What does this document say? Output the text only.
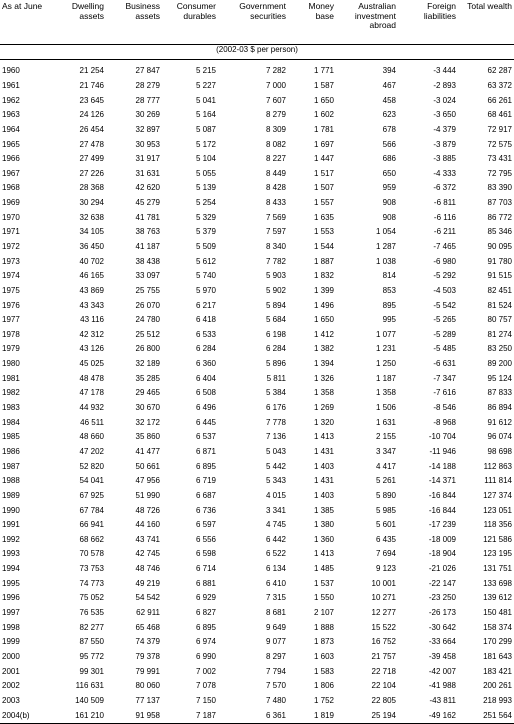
As at June	Dwelling assets	Business assets	Consumer durables	Government securities	Money base	Australian investment abroad	Foreign liabilities	Total wealth
(2002-03 $ per person)								
1960	21 254	27 847	5 215	7 282	1 771	394	-3 444	62 287
1961	21 746	28 279	5 227	7 000	1 587	467	-2 893	63 372
1962	23 645	28 777	5 041	7 607	1 650	458	-3 024	66 261
1963	24 126	30 269	5 164	8 279	1 602	623	-3 650	68 461
1964	26 454	32 897	5 087	8 309	1 781	678	-4 379	72 917
1965	27 478	30 953	5 172	8 082	1 697	566	-3 879	72 575
1966	27 499	31 917	5 104	8 227	1 447	686	-3 885	73 431
1967	27 226	31 631	5 055	8 449	1 517	650	-4 333	72 795
1968	28 368	42 620	5 139	8 428	1 507	959	-6 372	83 390
1969	30 294	45 279	5 254	8 433	1 557	908	-6 811	87 703
1970	32 638	41 781	5 329	7 569	1 635	908	-6 116	86 772
1971	34 105	38 763	5 379	7 597	1 553	1 054	-6 211	85 346
1972	36 450	41 187	5 509	8 340	1 544	1 287	-7 465	90 095
1973	40 702	38 438	5 612	7 782	1 887	1 038	-6 980	91 780
1974	46 165	33 097	5 740	5 903	1 832	814	-5 292	91 515
1975	43 869	25 755	5 970	5 902	1 399	853	-4 503	82 451
1976	43 343	26 070	6 217	5 894	1 496	895	-5 542	81 524
1977	43 116	24 780	6 418	5 684	1 650	995	-5 265	80 757
1978	42 312	25 512	6 533	6 198	1 412	1 077	-5 289	81 274
1979	43 126	26 800	6 284	6 284	1 382	1 231	-5 485	83 250
1980	45 025	32 189	6 360	5 896	1 394	1 250	-6 631	89 200
1981	48 478	35 285	6 404	5 811	1 326	1 187	-7 347	95 124
1982	47 178	29 465	6 508	5 384	1 358	1 358	-7 616	87 833
1983	44 932	30 670	6 496	6 176	1 269	1 506	-8 546	86 894
1984	46 511	32 172	6 445	7 778	1 320	1 631	-8 968	91 612
1985	48 660	35 860	6 537	7 136	1 413	2 155	-10 704	96 074
1986	47 202	41 477	6 871	5 043	1 431	3 347	-11 946	98 698
1987	52 820	50 661	6 895	5 442	1 403	4 417	-14 188	112 863
1988	54 041	47 956	6 719	5 343	1 431	5 261	-14 371	111 814
1989	67 925	51 990	6 687	4 015	1 403	5 890	-16 844	127 374
1990	67 784	48 726	6 736	3 341	1 385	5 985	-16 844	123 051
1991	66 941	44 160	6 597	4 745	1 380	5 601	-17 239	118 356
1992	68 662	43 741	6 556	6 442	1 360	6 435	-18 009	121 586
1993	70 578	42 745	6 598	6 522	1 413	7 694	-18 904	123 195
1994	73 753	48 746	6 714	6 134	1 485	9 123	-21 026	131 751
1995	74 773	49 219	6 881	6 410	1 537	10 001	-22 147	133 698
1996	75 052	54 542	6 929	7 315	1 550	10 271	-23 250	139 612
1997	76 535	62 911	6 827	8 681	2 107	12 277	-26 173	150 481
1998	82 277	65 468	6 895	9 649	1 888	15 522	-30 642	158 374
1999	87 550	74 379	6 974	9 077	1 873	16 752	-33 664	170 299
2000	95 772	79 378	6 990	8 297	1 603	21 757	-39 458	181 643
2001	99 301	79 991	7 002	7 794	1 583	22 718	-42 007	183 421
2002	116 631	80 060	7 078	7 570	1 806	22 104	-41 988	200 261
2003	140 509	77 137	7 150	7 480	1 752	22 805	-43 811	218 993
2004(b)	161 210	91 958	7 187	6 361	1 819	25 194	-49 162	251 564
